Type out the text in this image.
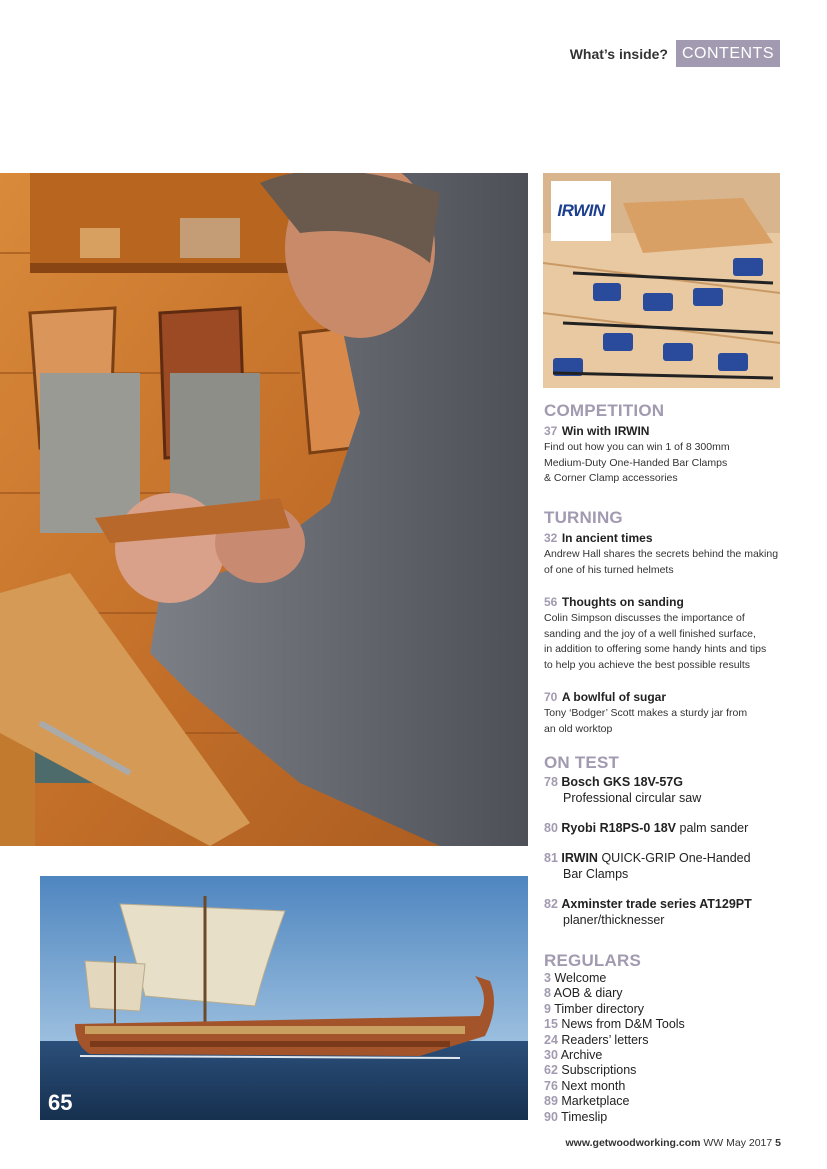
What’s inside? CONTENTS
IRWIN
65
COMPETITION
37 Win with IRWIN
Find out how you can win 1 of 8 300mm
Medium-Duty One-Handed Bar Clamps
& Corner Clamp accessories
TURNING
32 In ancient times
Andrew Hall shares the secrets behind the making
of one of his turned helmets
56 Thoughts on sanding
Colin Simpson discusses the importance of
sanding and the joy of a well finished surface,
in addition to offering some handy hints and tips
to help you achieve the best possible results
70 A bowlful of sugar
Tony ‘Bodger’ Scott makes a sturdy jar from
an old worktop
ON TEST
78 Bosch GKS 18V-57G
Professional circular saw
80 Ryobi R18PS-0 18V palm sander
81 IRWIN QUICK-GRIP One-Handed
Bar Clamps
82 Axminster trade series AT129PT
planer/thicknesser
REGULARS
3 Welcome
8 AOB & diary
9 Timber directory
15 News from D&M Tools
24 Readers’ letters
30 Archive
62 Subscriptions
76 Next month
89 Marketplace
90 Timeslip
www.getwoodworking.com WW May 2017 5
